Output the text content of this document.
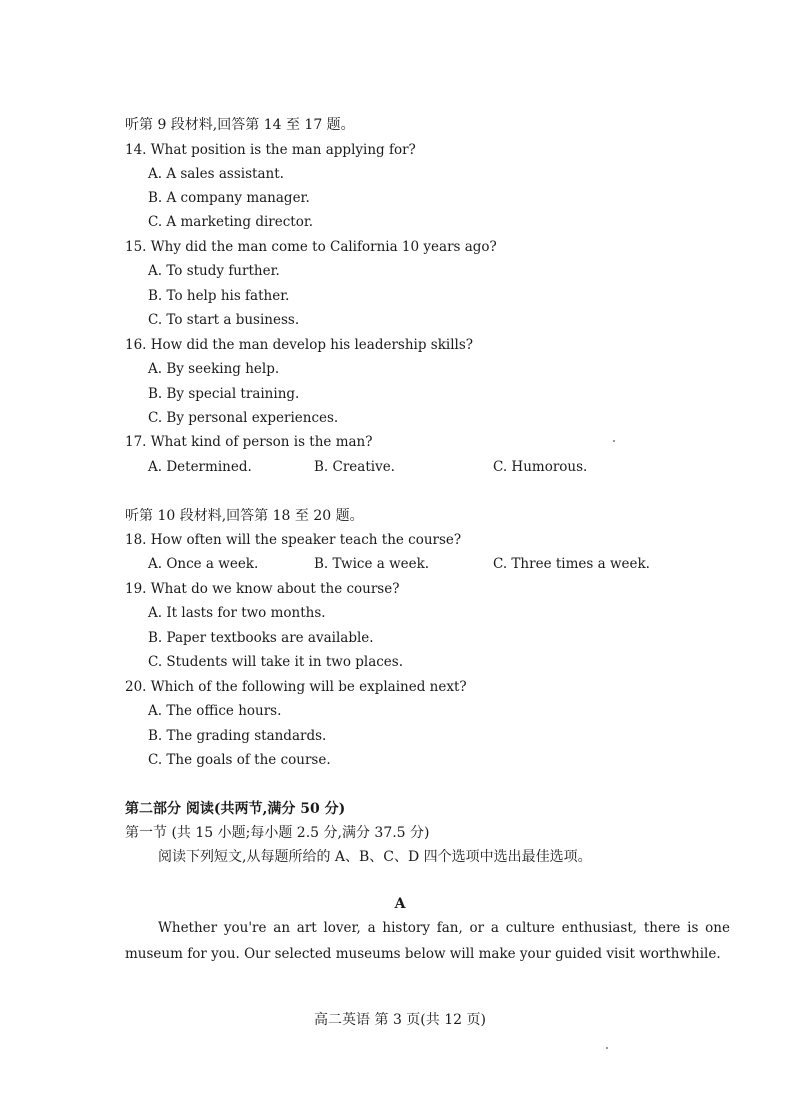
听第 9 段材料,回答第 14 至 17 题。
14. What position is the man applying for?
A. A sales assistant.
B. A company manager.
C. A marketing director.
15. Why did the man come to California 10 years ago?
A. To study further.
B. To help his father.
C. To start a business.
16. How did the man develop his leadership skills?
A. By seeking help.
B. By special training.
C. By personal experiences.
17. What kind of person is the man?
A. Determined.	B. Creative.	C. Humorous.
听第 10 段材料,回答第 18 至 20 题。
18. How often will the speaker teach the course?
A. Once a week.	B. Twice a week.	C. Three times a week.
19. What do we know about the course?
A. It lasts for two months.
B. Paper textbooks are available.
C. Students will take it in two places.
20. Which of the following will be explained next?
A. The office hours.
B. The grading standards.
C. The goals of the course.
第二部分 阅读(共两节,满分 50 分)
第一节 (共 15 小题;每小题 2.5 分,满分 37.5 分)
阅读下列短文,从每题所给的 A、B、C、D 四个选项中选出最佳选项。
A
Whether you're an art lover, a history fan, or a culture enthusiast, there is one museum for you. Our selected museums below will make your guided visit worthwhile.
高二英语 第 3 页(共 12 页)
